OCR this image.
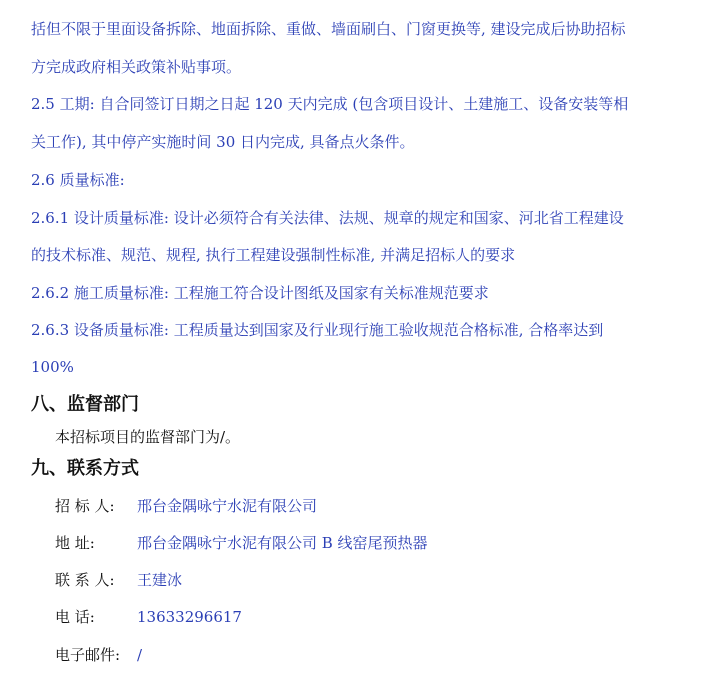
括但不限于里面设备拆除、地面拆除、重做、墙面刷白、门窗更换等, 建设完成后协助招标
方完成政府相关政策补贴事项。
2.5 工期: 自合同签订日期之日起 120 天内完成 (包含项目设计、土建施工、设备安装等相
关工作), 其中停产实施时间 30 日内完成, 具备点火条件。
2.6 质量标准:
2.6.1 设计质量标准: 设计必须符合有关法律、法规、规章的规定和国家、河北省工程建设
的技术标准、规范、规程, 执行工程建设强制性标准, 并满足招标人的要求
2.6.2 施工质量标准: 工程施工符合设计图纸及国家有关标准规范要求
2.6.3 设备质量标准: 工程质量达到国家及行业现行施工验收规范合格标准, 合格率达到
100%
八、监督部门
本招标项目的监督部门为/。
九、联系方式
招 标 人: 邢台金隅咏宁水泥有限公司
地 址:	邢台金隅咏宁水泥有限公司 B 线窑尾预热器
联 系 人: 王建冰
电 话:	13633296617
电子邮件: /
